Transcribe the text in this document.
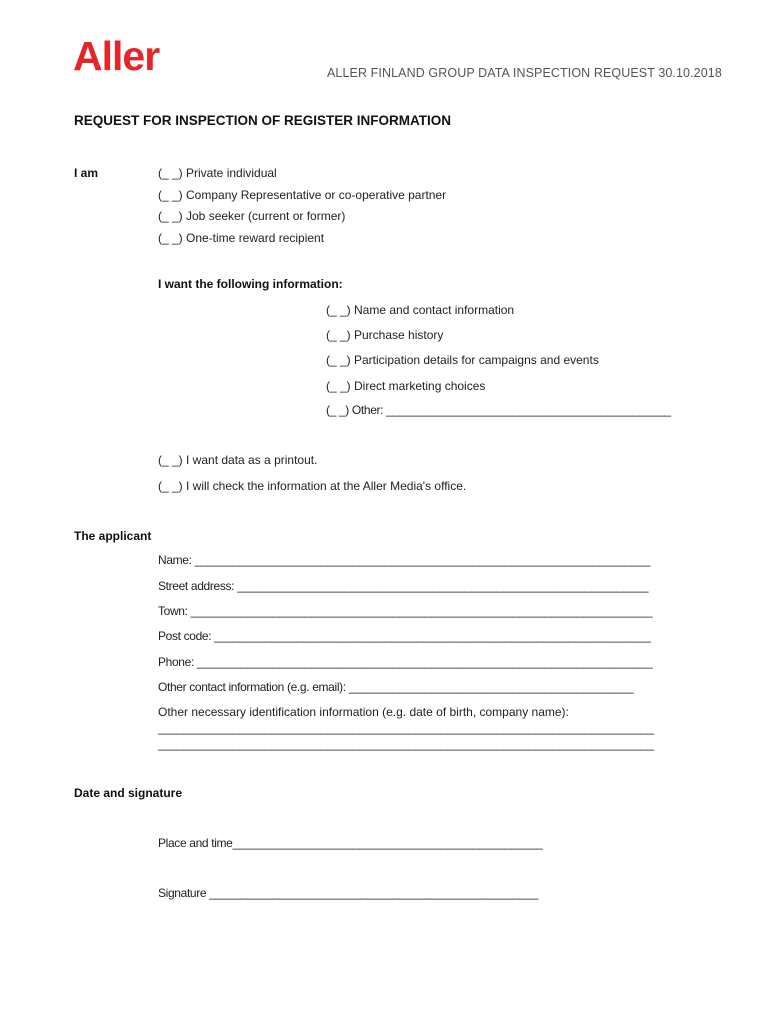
Aller	ALLER FINLAND GROUP DATA INSPECTION REQUEST 30.10.2018
REQUEST FOR INSPECTION OF REGISTER INFORMATION
I am	(_ _) Private individual
(_ _) Company Representative or co-operative partner
(_ _) Job seeker (current or former)
(_ _) One-time reward recipient
I want the following information:
(_ _) Name and contact information
(_ _) Purchase history
(_ _) Participation details for campaigns and events
(_ _) Direct marketing choices
(_ _) Other: _____________________________________________
(_ _) I want data as a printout.
(_ _) I will check the information at the Aller Media's office.
The applicant
Name: ________________________________________________________________________
Street address: _________________________________________________________________
Town: _________________________________________________________________________
Post code: _____________________________________________________________________
Phone: ________________________________________________________________________
Other contact information (e.g. email): _____________________________________________
Other necessary identification information (e.g. date of birth, company name):
_______________________________________________________________________________
_______________________________________________________________________________
Date and signature
Place and time_________________________________________________
Signature ____________________________________________________
